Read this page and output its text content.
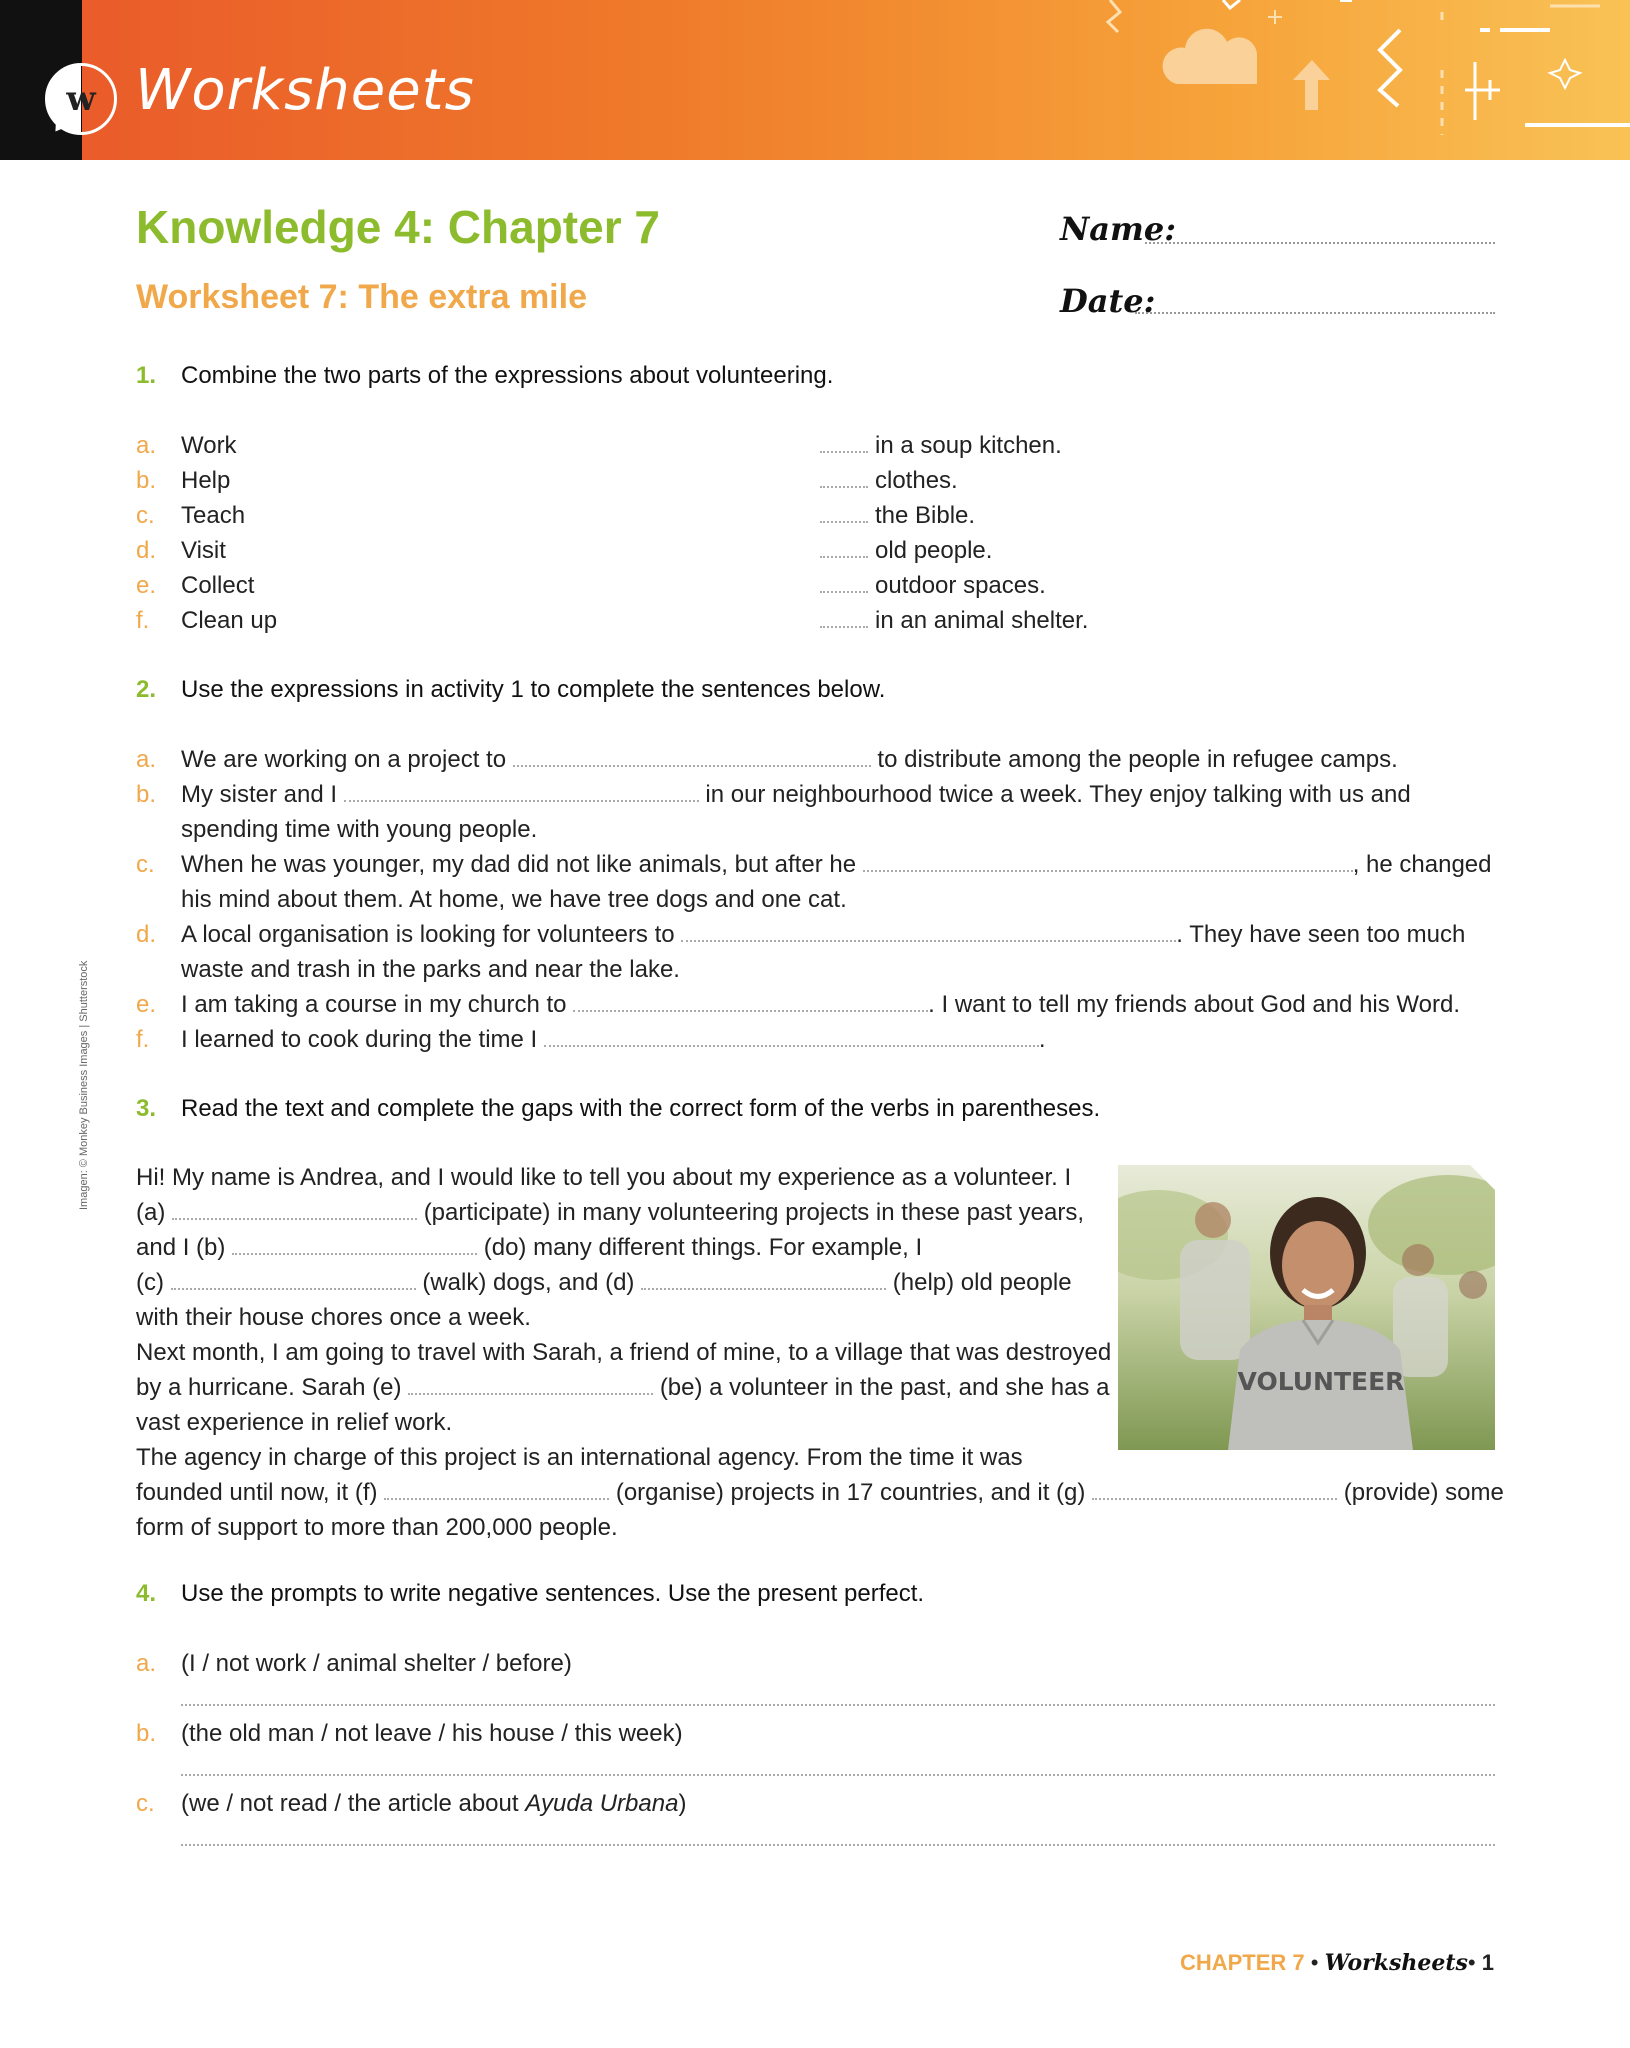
w Worksheets
Knowledge 4: Chapter 7
Worksheet 7: The extra mile
Name:
Date:
1. Combine the two parts of the expressions about volunteering.
a. Work	in a soup kitchen.
b. Help	clothes.
c. Teach	the Bible.
d. Visit	old people.
e. Collect	outdoor spaces.
f. Clean up	in an animal shelter.
2. Use the expressions in activity 1 to complete the sentences below.
a. We are working on a project to	to distribute among the people in refugee camps.
b. My sister and I	in our neighbourhood twice a week. They enjoy talking with us and
spending time with young people.
c. When he was younger, my dad did not like animals, but after he	, he changed
his mind about them. At home, we have tree dogs and one cat.
d. A local organisation is looking for volunteers to	. They have seen too much
waste and trash in the parks and near the lake.
e. I am taking a course in my church to	. I want to tell my friends about God and his Word.
f. I learned to cook during the time I	.
3. Read the text and complete the gaps with the correct form of the verbs in parentheses.
Hi! My name is Andrea, and I would like to tell you about my experience as a volunteer. I
(a)	(participate) in many volunteering projects in these past years,
and I (b)	(do) many different things. For example, I
(c)	(walk) dogs, and (d)	(help) old people
with their house chores once a week.
Next month, I am going to travel with Sarah, a friend of mine, to a village that was destroyed
by a hurricane. Sarah (e)	(be) a volunteer in the past, and she has a
vast experience in relief work.
The agency in charge of this project is an international agency. From the time it was
founded until now, it (f)	(organise) projects in 17 countries, and it (g)	(provide) some
form of support to more than 200,000 people.
VOLUNTEER
4. Use the prompts to write negative sentences. Use the present perfect.
a. (I / not work / animal shelter / before)
b. (the old man / not leave / his house / this week)
c. (we / not read / the article about Ayuda Urbana)
Imagen: © Monkey Business Images | Shutterstock
CHAPTER 7 • Worksheets• 1
